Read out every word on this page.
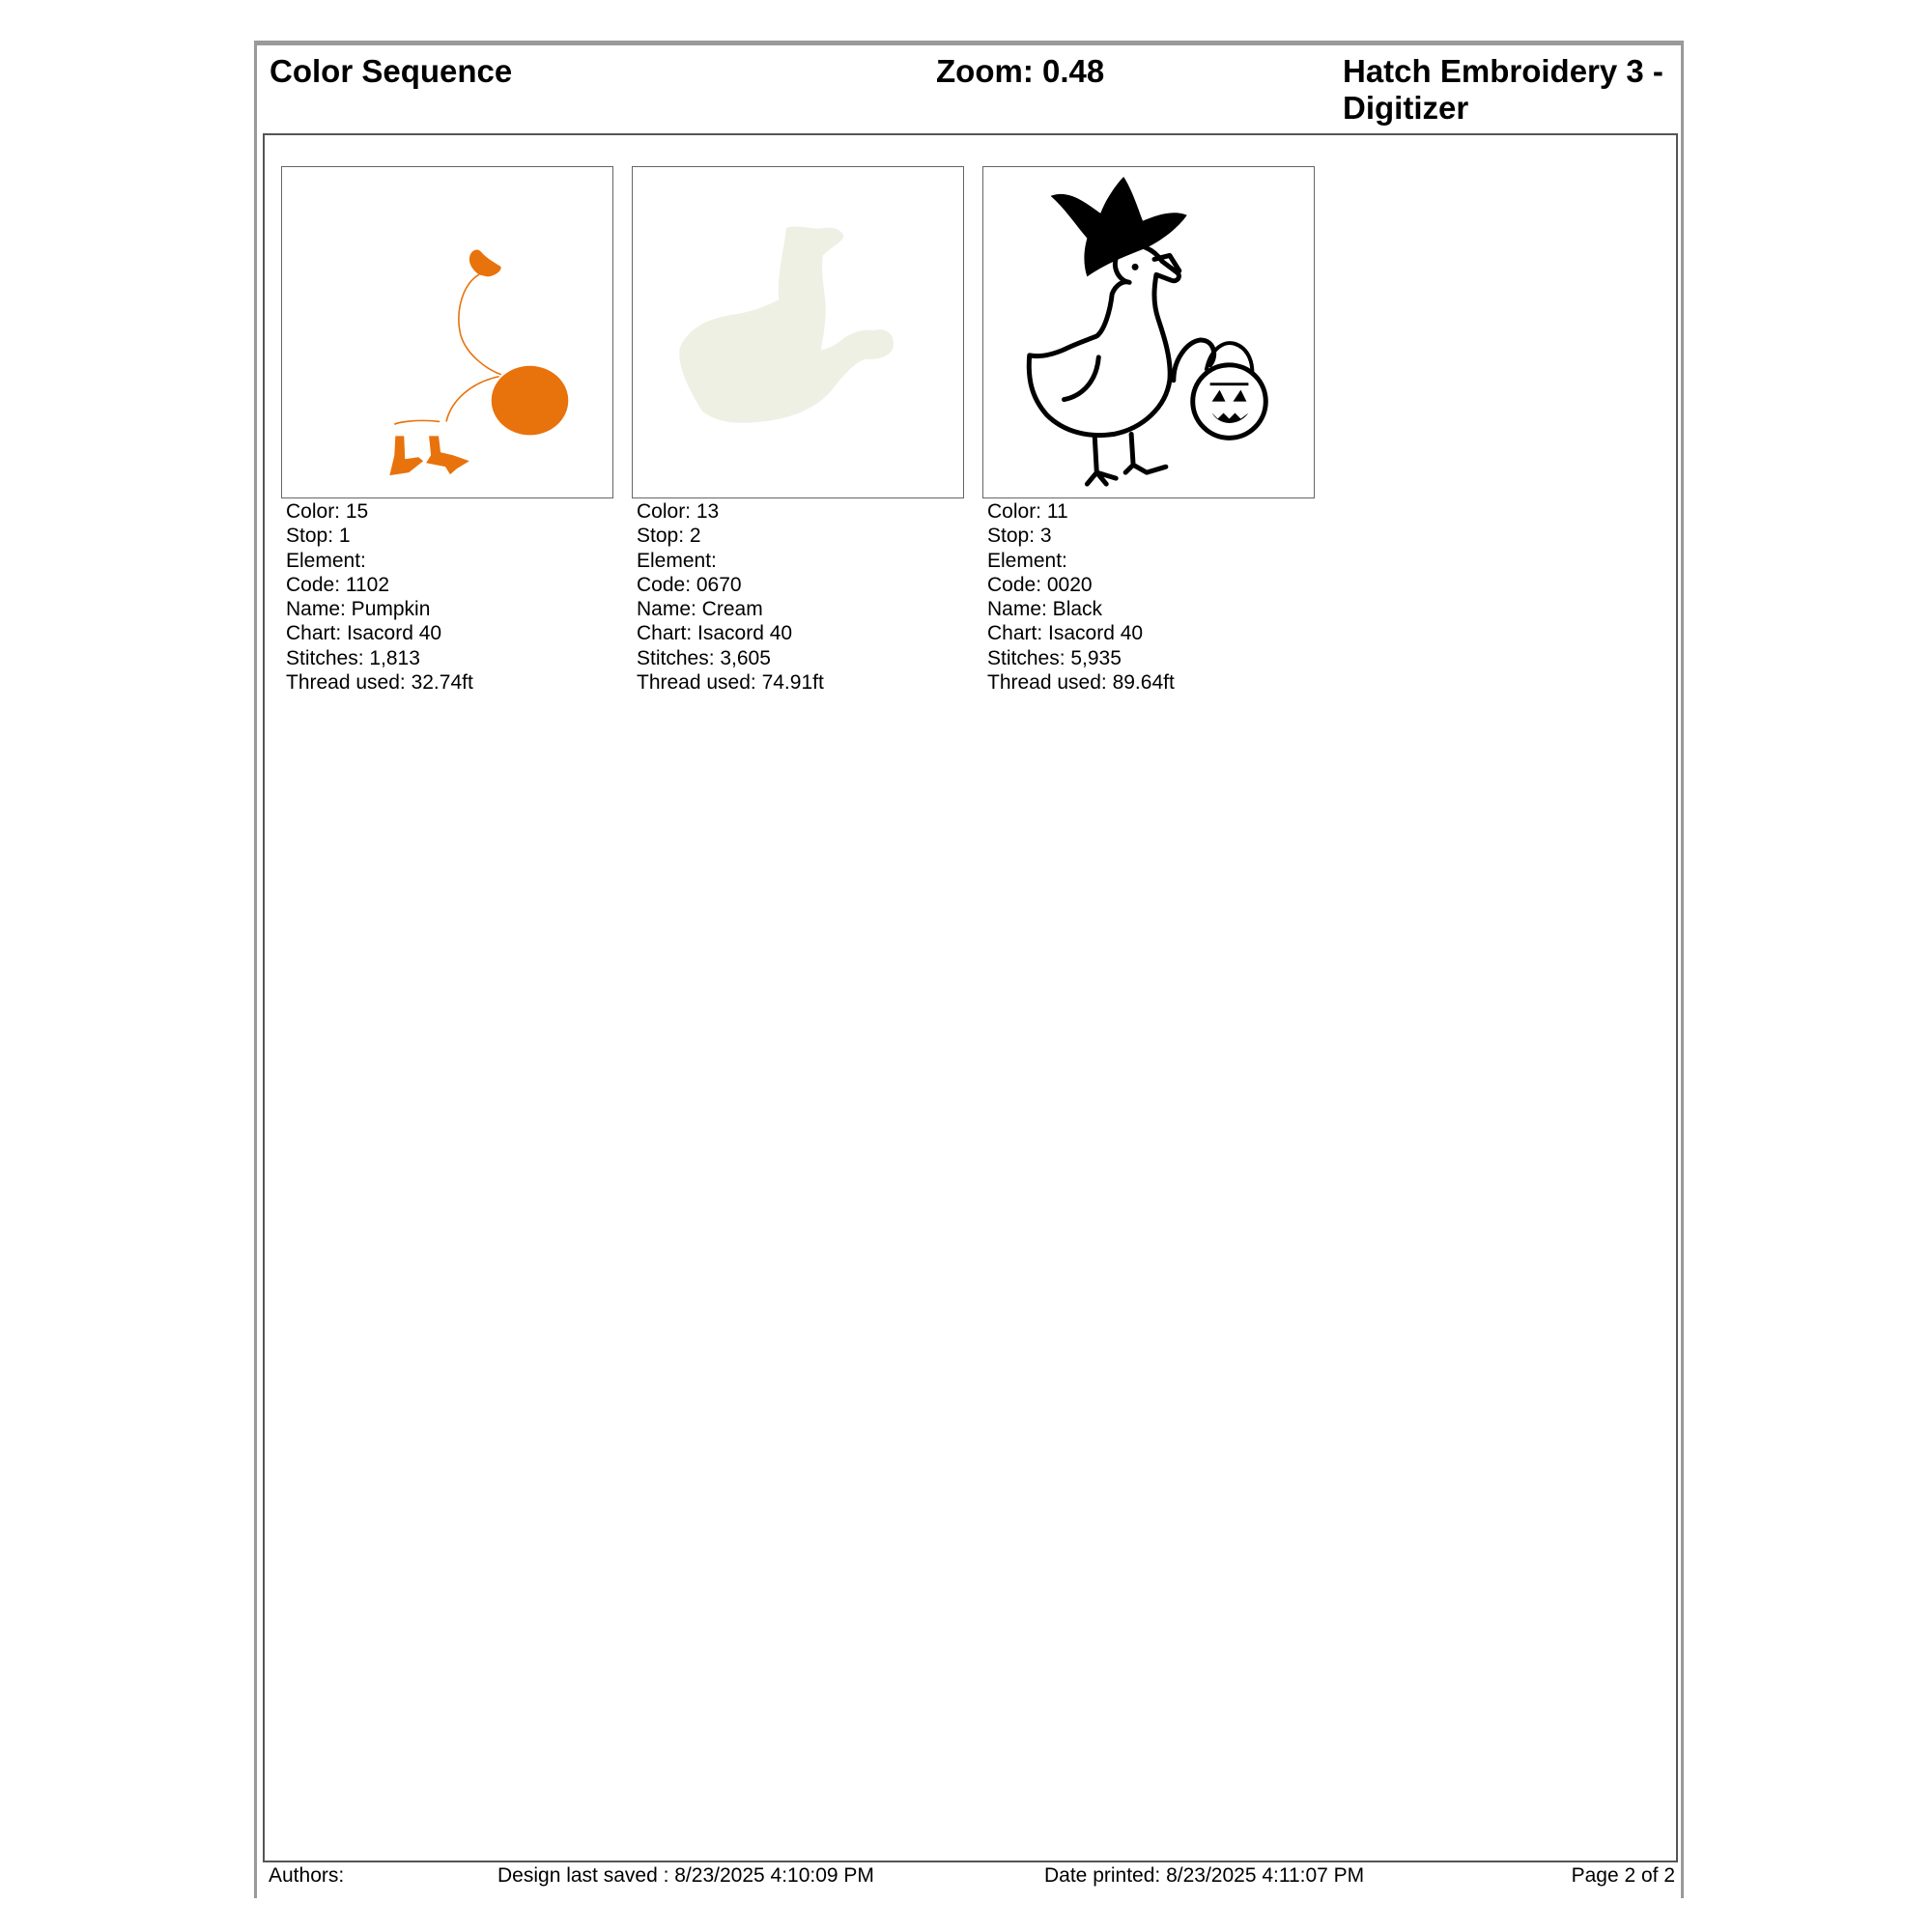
Color Sequence	Zoom: 0.48	Hatch Embroidery 3 -
Digitizer
Color: 15
Stop: 1
Element:
Code: 1102
Name: Pumpkin
Chart: Isacord 40
Stitches: 1,813
Thread used: 32.74ft
Color: 13
Stop: 2
Element:
Code: 0670
Name: Cream
Chart: Isacord 40
Stitches: 3,605
Thread used: 74.91ft
Color: 11
Stop: 3
Element:
Code: 0020
Name: Black
Chart: Isacord 40
Stitches: 5,935
Thread used: 89.64ft
Authors:	Design last saved : 8/23/2025 4:10:09 PM	Date printed: 8/23/2025 4:11:07 PM	Page 2 of 2
